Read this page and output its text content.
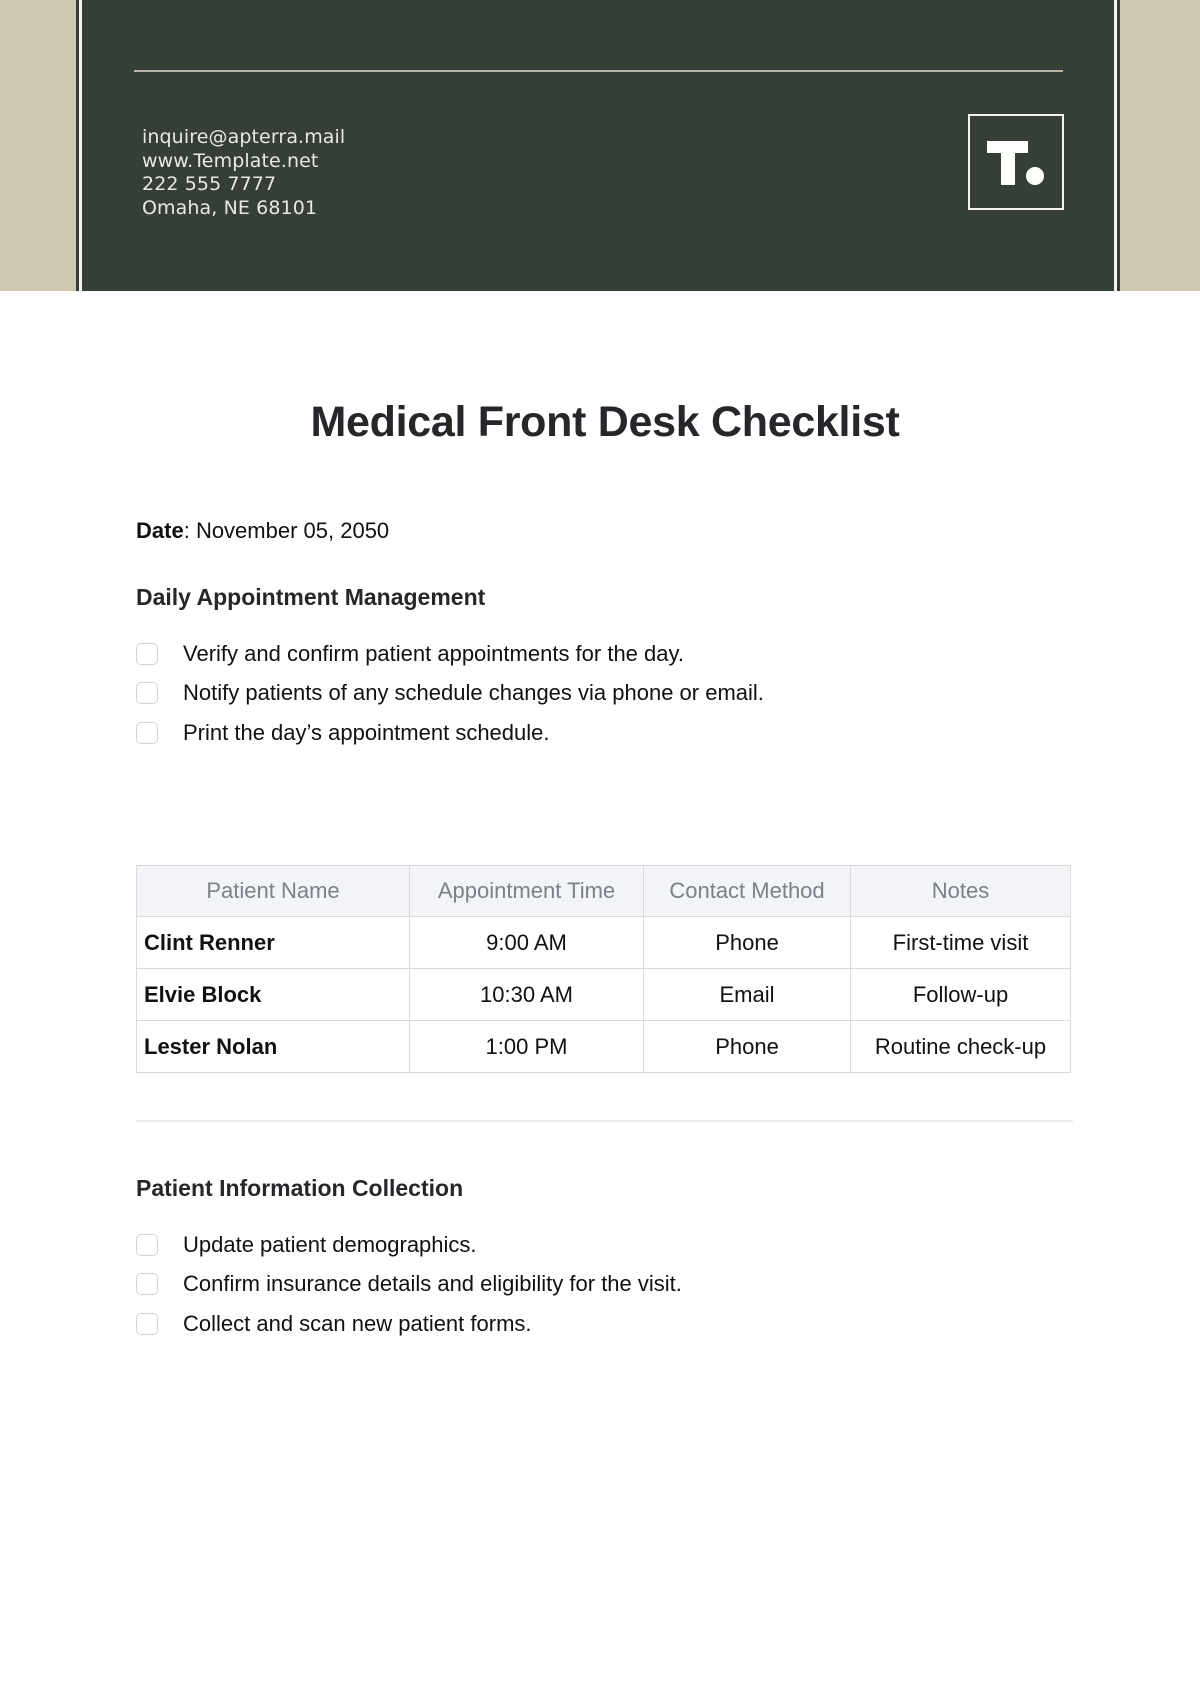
inquire@apterra.mail
www.Template.net
222 555 7777
Omaha, NE 68101
Medical Front Desk Checklist
Date: November 05, 2050
Daily Appointment Management
Verify and confirm patient appointments for the day.
Notify patients of any schedule changes via phone or email.
Print the day’s appointment schedule.
Patient Name	Appointment Time	Contact Method	Notes
Clint Renner	9:00 AM	Phone	First-time visit
Elvie Block	10:30 AM	Email	Follow-up
Lester Nolan	1:00 PM	Phone	Routine check-up
Patient Information Collection
Update patient demographics.
Confirm insurance details and eligibility for the visit.
Collect and scan new patient forms.
